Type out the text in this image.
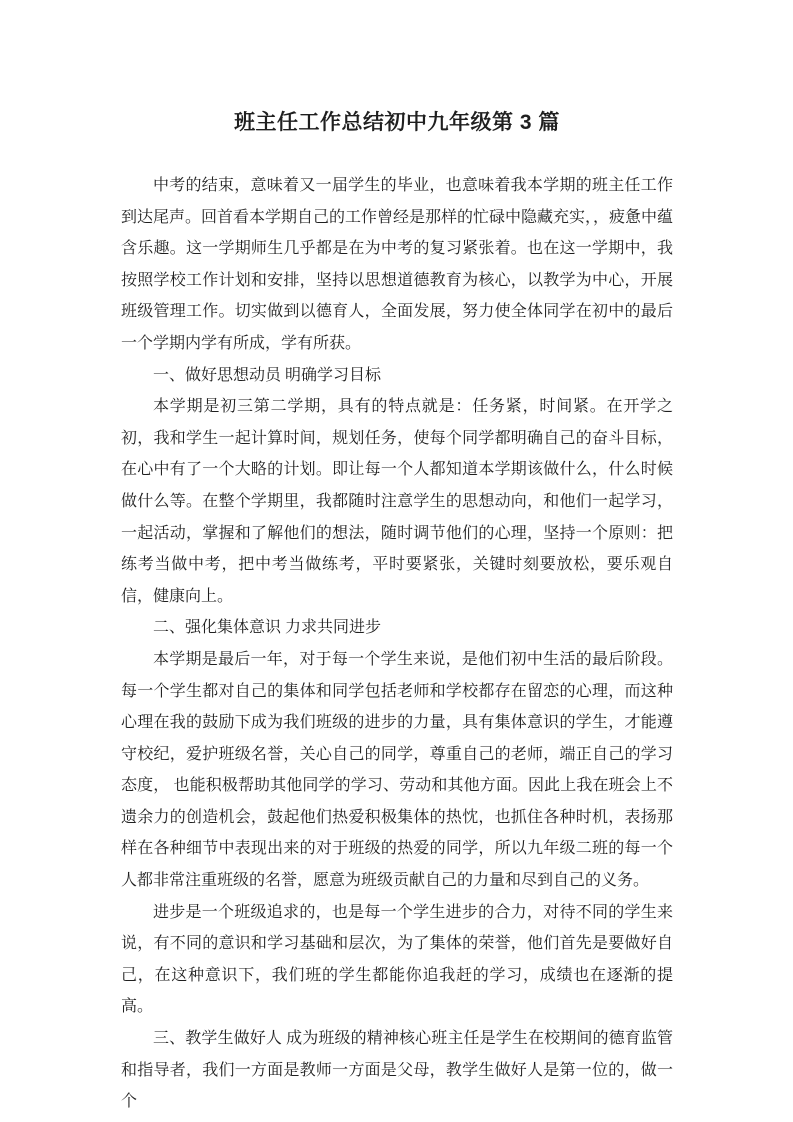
班主任工作总结初中九年级第 3 篇

中考的结束，意味着又一届学生的毕业，也意味着我本学期的班主任工作到达尾声。回首看本学期自己的工作曾经是那样的忙碌中隐藏充实，，疲惫中蕴含乐趣。这一学期师生几乎都是在为中考的复习紧张着。也在这一学期中，我按照学校工作计划和安排，坚持以思想道德教育为核心，以教学为中心，开展班级管理工作。切实做到以德育人，全面发展，努力使全体同学在初中的最后一个学期内学有所成，学有所获。

一、做好思想动员 明确学习目标

本学期是初三第二学期，具有的特点就是：任务紧，时间紧。在开学之初，我和学生一起计算时间，规划任务，使每个同学都明确自己的奋斗目标，在心中有了一个大略的计划。即让每一个人都知道本学期该做什么，什么时候做什么等。在整个学期里，我都随时注意学生的思想动向，和他们一起学习，一起活动，掌握和了解他们的想法，随时调节他们的心理，坚持一个原则：把练考当做中考，把中考当做练考，平时要紧张，关键时刻要放松，要乐观自信，健康向上。

二、强化集体意识 力求共同进步

本学期是最后一年，对于每一个学生来说，是他们初中生活的最后阶段。每一个学生都对自己的集体和同学包括老师和学校都存在留恋的心理，而这种心理在我的鼓励下成为我们班级的进步的力量，具有集体意识的学生，才能遵守校纪，爱护班级名誉，关心自己的同学，尊重自己的老师，端正自己的学习态度， 也能积极帮助其他同学的学习、劳动和其他方面。因此上我在班会上不遗余力的创造机会，鼓起他们热爱积极集体的热忱，也抓住各种时机，表扬那样在各种细节中表现出来的对于班级的热爱的同学，所以九年级二班的每一个人都非常注重班级的名誉，愿意为班级贡献自己的力量和尽到自己的义务。

进步是一个班级追求的，也是每一个学生进步的合力，对待不同的学生来说，有不同的意识和学习基础和层次，为了集体的荣誉，他们首先是要做好自己，在这种意识下，我们班的学生都能你追我赶的学习，成绩也在逐渐的提高。

三、教学生做好人 成为班级的精神核心班主任是学生在校期间的德育监管和指导者，我们一方面是教师一方面是父母，教学生做好人是第一位的，做一个
